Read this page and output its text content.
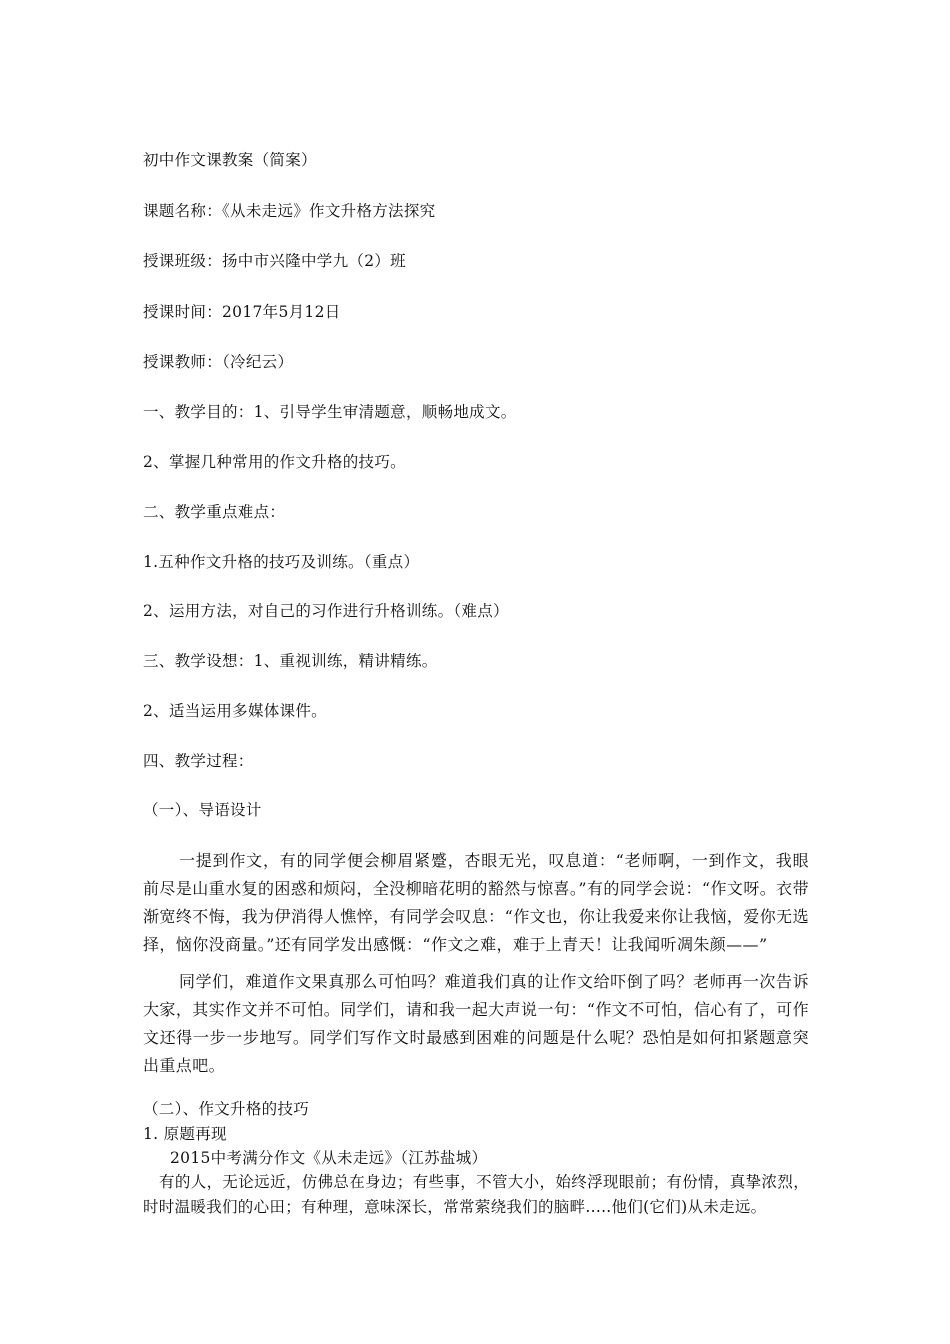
初中作文课教案（简案）
课题名称：《从未走远》作文升格方法探究
授课班级：扬中市兴隆中学九（2）班
授课时间：2017年5月12日
授课教师：（冷纪云）
一、教学目的：1、引导学生审清题意，顺畅地成文。
2、掌握几种常用的作文升格的技巧。
二、教学重点难点：
1.五种作文升格的技巧及训练。（重点）
2、运用方法，对自己的习作进行升格训练。（难点）
三、教学设想：1、重视训练，精讲精练。
2、适当运用多媒体课件。
四、教学过程：
（一）、导语设计
一提到作文，有的同学便会柳眉紧蹙，杏眼无光，叹息道：“老师啊，一到作文，我眼前尽是山重水复的困惑和烦闷，全没柳暗花明的豁然与惊喜。”有的同学会说：“作文呀。衣带渐宽终不悔，我为伊消得人憔悴，有同学会叹息：“作文也，你让我爱来你让我恼，爱你无选择，恼你没商量。”还有同学发出感慨：“作文之难，难于上青天！让我闻听凋朱颜——”
同学们，难道作文果真那么可怕吗？难道我们真的让作文给吓倒了吗？老师再一次告诉大家，其实作文并不可怕。同学们，请和我一起大声说一句：“作文不可怕，信心有了，可作文还得一步一步地写。同学们写作文时最感到困难的问题是什么呢？恐怕是如何扣紧题意突出重点吧。
（二）、作文升格的技巧
1. 原题再现
2015中考满分作文《从未走远》（江苏盐城）
有的人，无论远近，仿佛总在身边；有些事，不管大小，始终浮现眼前；有份情，真挚浓烈，时时温暖我们的心田；有种理，意味深长，常常萦绕我们的脑畔.....他们(它们)从未走远。
